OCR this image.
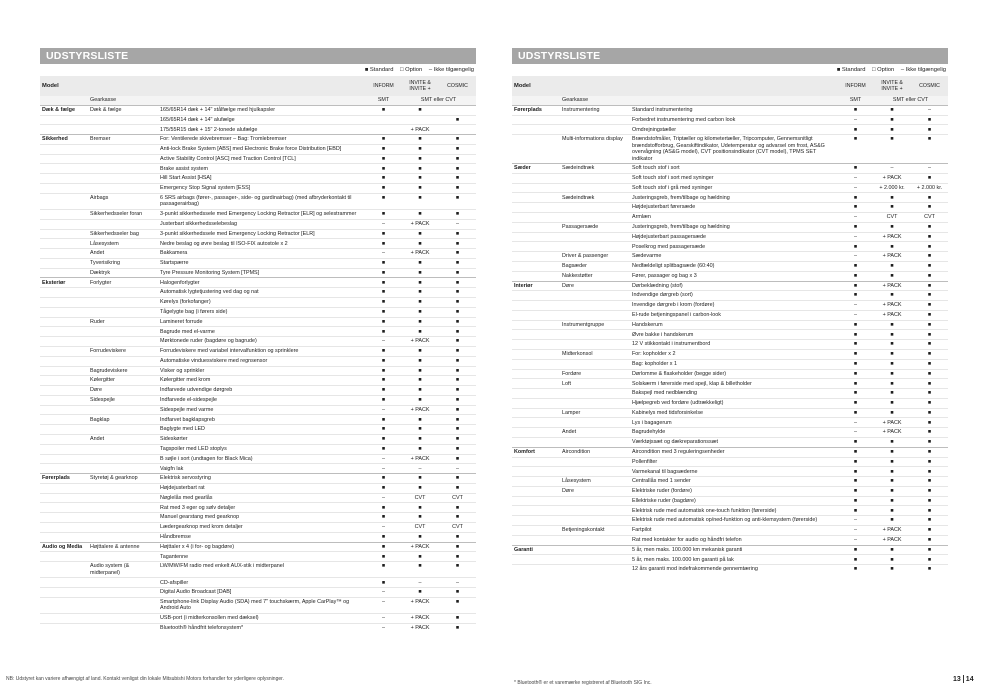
UDSTYRSLISTE
■ Standard □ Option – Ikke tilgængelig
Model			INFORM	INVITE & INVITE +	COSMIC
	Gearkasse		SMT	SMT eller CVT	
Dæk & fælge	Dæk & fælge	165/65R14 dæk + 14" stålfælge med hjulkapsler	■	■	
		165/65R14 dæk + 14" alufælge			■
		175/55R15 dæk + 15" 2-tonede alufælge		+ PACK	
Sikkerhed	Bremser	For: Ventilerede skivebremser – Bag: Tromlebremser	■	■	■
		Anti-lock Brake System [ABS] med Electronic Brake force Distribution [EBD]	■	■	■
		Active Stability Control [ASC] med Traction Control [TCL]	■	■	■
		Brake assist system	■	■	■
		Hill Start Assist [HSA]	■	■	■
		Emergency Stop Signal system [ESS]	■	■	■
	Airbags	6 SRS airbags (fører-, passager-, side- og gardinairbag) (med afbryderkontakt til passagerairbag)	■	■	■
	Sikkerhedsseler foran	3-punkt sikkerhedssele med Emergency Locking Retractor [ELR] og selestrammer	■	■	■
		Justerbart sikkerhedsselebeslag	–	+ PACK	–
	Sikkerhedsseler bag	3-punkt sikkerhedssele med Emergency Locking Retractor [ELR]	■	■	■
	Låsesystem	Nedre beslag og øvre beslag til ISO-FIX autostole x 2	■	■	■
	Andet	Bakkamera	–	+ PACK	■
	Tyverisikring	Startspærre	■	■	■
	Dæktryk	Tyre Pressure Monitoring System [TPMS]	■	■	■
Eksteriør	Forlygter	Halogenforlygter	■	■	■
		Automatisk lygtetjustering ved dag og nat	■	■	■
		Kørelys (forkofanger)	■	■	■
		Tågelygte bag (i førers side)	■	■	■
	Ruder	Lamineret forrude	■	■	■
		Bagrude med el-varme	■	■	■
		Mørktonede ruder (bagdøre og bagrude)	–	+ PACK	■
	Forrudeviskere	Forrudeviskere med variabel intervalfunktion og sprinklere	■	■	■
		Automatiske vinduesviskere med regnsensor	■	■	■
	Bagrudeviskere	Visker og sprinkler	■	■	■
	Kølergitter	Kølergitter med krom	■	■	■
	Døre	Indfarvede udvendige dørgreb	■	■	■
	Sidespejle	Indfarvede el-sidespejle	■	■	■
		Sidespejle med varme	–	+ PACK	■
	Bagklap	Indfarvet bagklapsgreb	■	■	■
		Baglygte med LED	■	■	■
	Andet	Sideskørter	■	■	■
		Tagspoiler med LED stoplys	■	■	■
		B søjle i sort (undtagen for Black Mica)	–	+ PACK	■
		Vaigfn lak	–	–	–
Førerplads	Styretøj & gearknop	Elektrisk servostyring	■	■	■
		Højdejusterbart rat	■	■	■
		Nøglelås med gearlås	–	CVT	CVT
		Rat med 3 eger og sølv detaljer	■	■	■
		Manuel gearstang med gearknop	■	■	■
		Lædergearknop med krom detaljer	–	CVT	CVT
		Håndbremse	■	■	■
Audio og Media	Højttalere & antenne	Højttaler x 4 (i for- og bagdøre)	■	+ PACK	■
		Tagantenne	■	■	■
	Audio system (& midterpanel)	LW/MW/FM radio med enkelt AUX-stik i midterpanel	■	■	■
		CD-afspiller	■	–	–
		Digital Audio Broadcast [DAB]	–	■	■
		Smartphone-link Display Audio (SDA) med 7" touchskærm, Apple CarPlay™ og Android Auto	–	+ PACK	■
		USB-port (i midterkonsollen med dæksel)	–	+ PACK	■
		Bluetooth® håndfrit telefonsystem*	–	+ PACK	■
UDSTYRSLISTE
■ Standard □ Option – Ikke tilgængelig
Model			INFORM	INVITE & INVITE +	COSMIC
	Gearkasse		SMT	SMT eller CVT	
Førerplads	Instrumentering	Standard instrumentering	■	■	–
		Forbedret instrumentering med carbon look	–	■	■
		Omdrejningstæller	■	■	■
	Multi-informations display	Brændstofmåler, Triptæller og kilometertæller, Tripcomputer, Gennemsnitligt brændstofforbrug, Gearskiftindikator, Udetemperatur og advarsel om frost, AS&G overvågning (AS&G model), CVT positionsindikator (CVT model), TPMS SET indikator	■	■	■
Sæder	Sædeindtræk	Soft touch stof i sort	■	–	–
		Soft touch stof i sort med syninger	–	+ PACK	■
		Soft touch stof i grå med syninger	–	+ 2.000 kr.	+ 2.000 kr.
	Sædeindtræk	Justeringsgreb, frem/tilbage og hældning	■	■	■
		Højdejusterbart førersæde	■	■	■
		Armlæn	–	CVT	CVT
	Passagersæde	Justeringsgreb, frem/tilbage og hældning	■	■	■
		Højdejusterbart passagersæde	–	+ PACK	■
		Poselkrog med passagersæde	■	■	■
	Driver & passenger	Sædevarme	–	+ PACK	■
	Bagsæder	Nedfældeligt splitbagsæde (60:40)	■	■	■
	Nakkestøtter	Fører, passager og bag x 3	■	■	■
Interiør	Døre	Dørbeklædning (stof)	■	+ PACK	■
		Indvendige dørgreb (sort)	■	■	■
		Invendige dørgreb i krom (fordøre)	–	+ PACK	■
		El-rude betjeningspanel i carbon-look	–	+ PACK	■
	Instrumentgruppe	Handskerum	■	■	■
		Øvre bakke i handskerum	■	■	■
		12 V stikkontakt i instrumentbord	■	■	■
	Midterkonsol	For: kopholder x 2	■	■	■
		Bag: kopholder x 1	■	■	■
	Fordøre	Dørlomme & flaskeholder (begge sider)	■	■	■
	Loft	Solskærm i førerside med spejl, klap & billetholder	■	■	■
		Bakspejl med nedblænding	■	■	■
		Hjælpegreb ved fordøre (udtrækkeligt)	■	■	■
	Lamper	Kabinelys med tidsforsinkelse	■	■	■
		Lys i bagagerum	–	+ PACK	■
	Andet	Bagrudehylde	–	+ PACK	■
		Værktøjssæt og dækreparationssæt	■	■	■
Komfort	Aircondition	Aircondition med 3 reguleringsenheder	■	■	■
		Pollenfilter	■	■	■
		Varmekanal til bagsæderne	■	■	■
	Låsesystem	Centrallås med 1 sender	■	■	■
	Døre	Elektriske ruder (fordøre)	■	■	■
		Ellektriske ruder (bagdøre)	■	■	■
		Elektrisk rude med automatisk one-touch funktion (førerside)	■	■	■
		Elektrisk rude med automatisk op/ned-funktion og anti-klemsystem (førerside)	–	■	■
	Betjeningskontakt	Fartpilot	–	+ PACK	■
		Rat med kontakter for audio og håndfri telefon	–	+ PACK	■
Garanti		5 år, men maks. 100.000 km mekanisk garanti	■	■	■
		5 år, men maks. 100.000 km garanti på lak	■	■	■
		12 års garanti mod indefrakommende gennemtæring	■	■	■
NB: Udstyret kan variere afhængigt af land. Kontakt venligst din lokale Mitsubishi Motors forhandler for yderligere oplysninger.
* Bluetooth® er et varemærke registreret af Bluetooth SIG Inc.
13 14
